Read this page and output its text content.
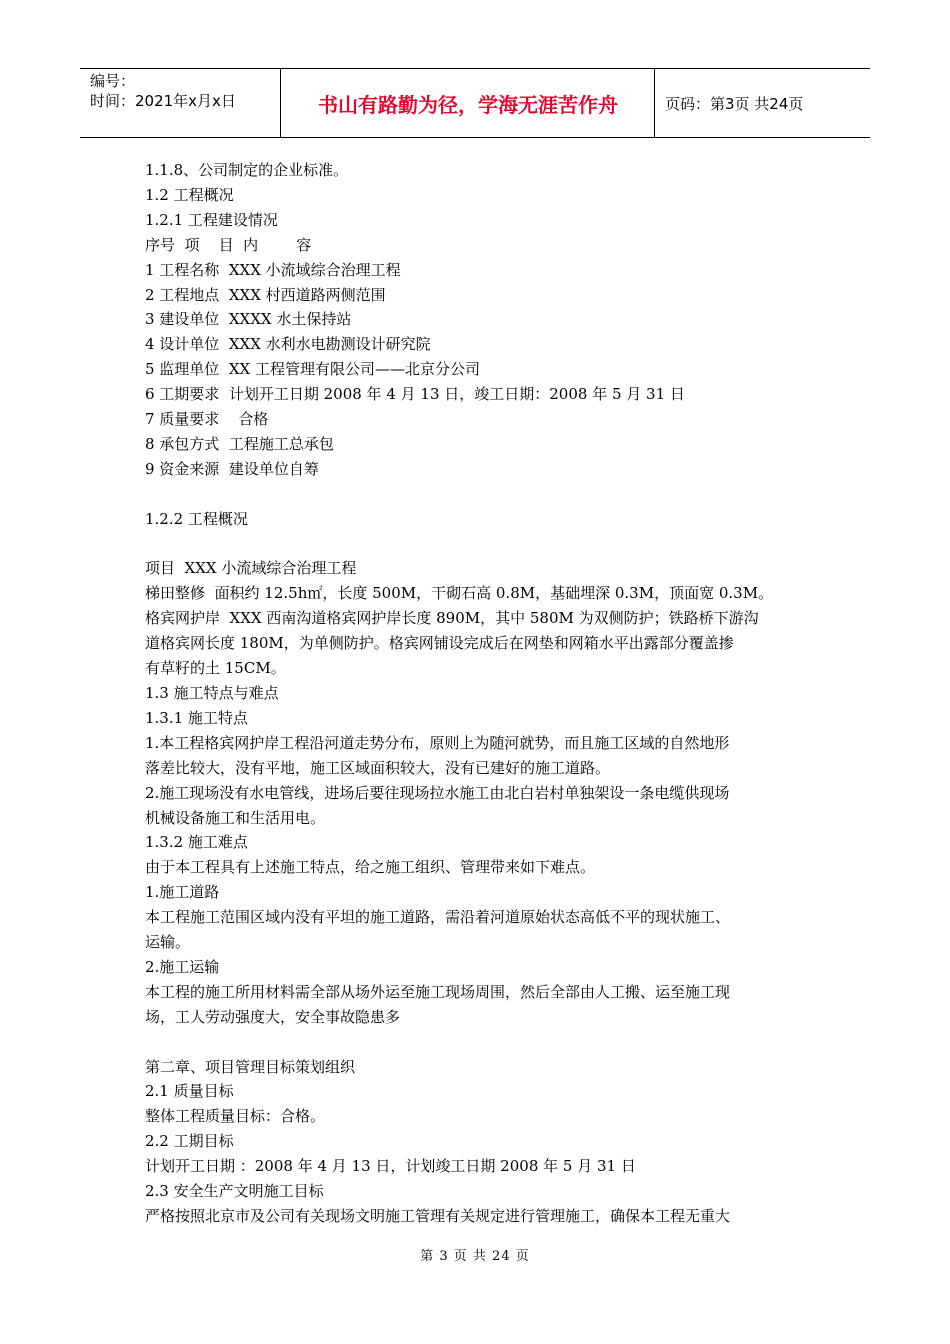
编号：
时间：2021年x月x日	书山有路勤为径，学海无涯苦作舟	页码：第3页 共24页

1.1.8、公司制定的企业标准。

1.2 工程概况

1.2.1 工程建设情况

序号  项    目  内        容

1 工程名称  XXX 小流域综合治理工程

2 工程地点  XXX 村西道路两侧范围

3 建设单位  XXXX 水土保持站

4 设计单位  XXX 水利水电勘测设计研究院

5 监理单位  XX 工程管理有限公司——北京分公司

6 工期要求  计划开工日期 2008 年 4 月 13 日，竣工日期：2008 年 5 月 31 日

7 质量要求    合格

8 承包方式  工程施工总承包

9 资金来源  建设单位自筹

1.2.2 工程概况

项目  XXX 小流域综合治理工程

梯田整修  面积约 12.5h㎡，长度 500M，干砌石高 0.8M，基础埋深 0.3M，顶面宽 0.3M。

格宾网护岸  XXX 西南沟道格宾网护岸长度 890M，其中 580M 为双侧防护；铁路桥下游沟

道格宾网长度 180M，为单侧防护。格宾网铺设完成后在网垫和网箱水平出露部分覆盖掺

有草籽的土 15CM。

1.3 施工特点与难点

1.3.1 施工特点

1.本工程格宾网护岸工程沿河道走势分布，原则上为随河就势，而且施工区域的自然地形

落差比较大，没有平地，施工区域面积较大，没有已建好的施工道路。

2.施工现场没有水电管线，进场后要往现场拉水施工由北白岩村单独架设一条电缆供现场

机械设备施工和生活用电。

1.3.2 施工难点

由于本工程具有上述施工特点，给之施工组织、管理带来如下难点。

1.施工道路

本工程施工范围区域内没有平坦的施工道路，需沿着河道原始状态高低不平的现状施工、

运输。

2.施工运输

本工程的施工所用材料需全部从场外运至施工现场周围，然后全部由人工搬、运至施工现

场，工人劳动强度大，安全事故隐患多

第二章、项目管理目标策划组织

2.1 质量目标

整体工程质量目标：合格。

2.2 工期目标

计划开工日期 ：2008 年 4 月 13 日，计划竣工日期 2008 年 5 月 31 日

2.3 安全生产文明施工目标

严格按照北京市及公司有关现场文明施工管理有关规定进行管理施工，确保本工程无重大

第 3 页 共 24 页
